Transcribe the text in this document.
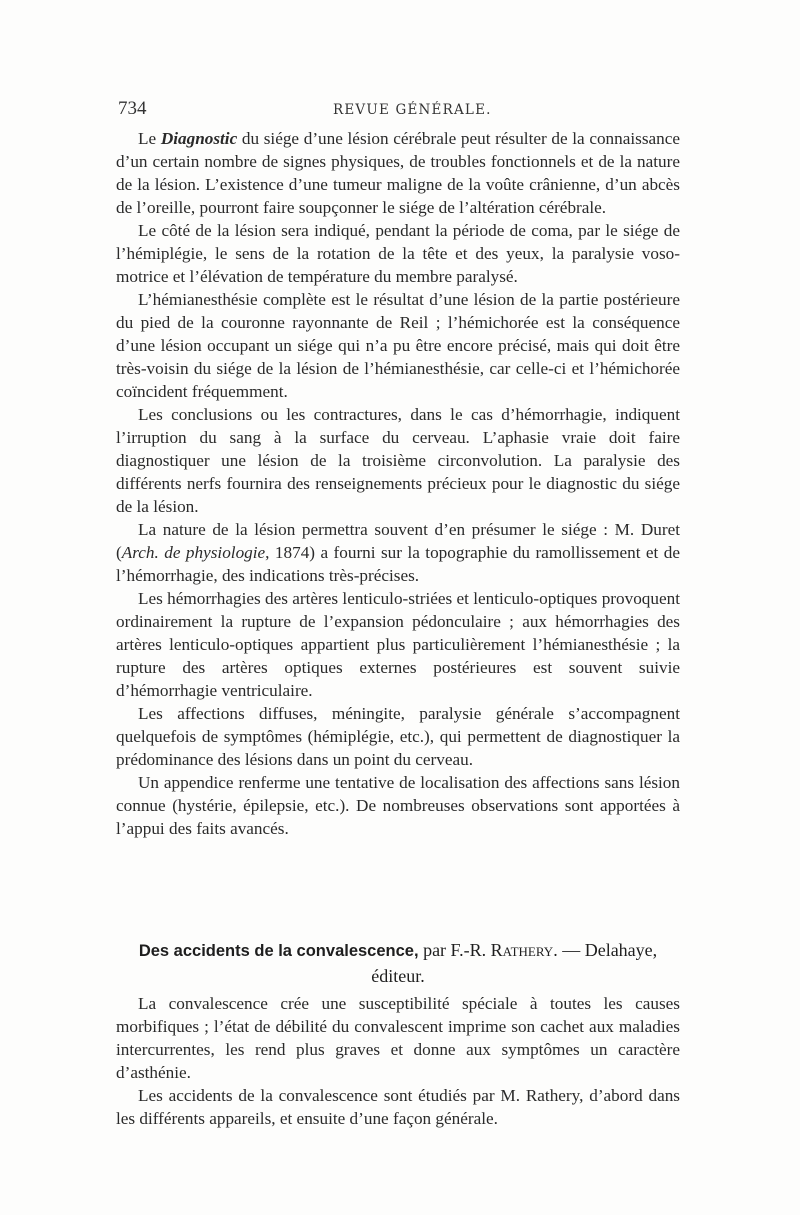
734	REVUE GÉNÉRALE.

Le Diagnostic du siége d’une lésion cérébrale peut résulter de la connaissance d’un certain nombre de signes physiques, de troubles fonctionnels et de la nature de la lésion. L’existence d’une tumeur maligne de la voûte crânienne, d’un abcès de l’oreille, pourront faire soupçonner le siége de l’altération cérébrale.

Le côté de la lésion sera indiqué, pendant la période de coma, par le siége de l’hémiplégie, le sens de la rotation de la tête et des yeux, la paralysie voso-motrice et l’élévation de température du membre paralysé.

L’hémianesthésie complète est le résultat d’une lésion de la partie postérieure du pied de la couronne rayonnante de Reil ; l’hémichorée est la conséquence d’une lésion occupant un siége qui n’a pu être encore précisé, mais qui doit être très-voisin du siége de la lésion de l’hémianesthésie, car celle-ci et l’hémichorée coïncident fréquemment.

Les conclusions ou les contractures, dans le cas d’hémorrhagie, indiquent l’irruption du sang à la surface du cerveau. L’aphasie vraie doit faire diagnostiquer une lésion de la troisième circonvolution. La paralysie des différents nerfs fournira des renseignements précieux pour le diagnostic du siége de la lésion.

La nature de la lésion permettra souvent d’en présumer le siége : M. Duret (Arch. de physiologie, 1874) a fourni sur la topographie du ramollissement et de l’hémorrhagie, des indications très-précises.

Les hémorrhagies des artères lenticulo-striées et lenticulo-optiques provoquent ordinairement la rupture de l’expansion pédonculaire ; aux hémorrhagies des artères lenticulo-optiques appartient plus particulièrement l’hémianesthésie ; la rupture des artères optiques externes postérieures est souvent suivie d’hémorrhagie ventriculaire.

Les affections diffuses, méningite, paralysie générale s’accompagnent quelquefois de symptômes (hémiplégie, etc.), qui permettent de diagnostiquer la prédominance des lésions dans un point du cerveau.

Un appendice renferme une tentative de localisation des affections sans lésion connue (hystérie, épilepsie, etc.). De nombreuses observations sont apportées à l’appui des faits avancés.

Des accidents de la convalescence, par F.-R. Rathery. — Delahaye, éditeur.

La convalescence crée une susceptibilité spéciale à toutes les causes morbifiques ; l’état de débilité du convalescent imprime son cachet aux maladies intercurrentes, les rend plus graves et donne aux symptômes un caractère d’asthénie.

Les accidents de la convalescence sont étudiés par M. Rathery, d’abord dans les différents appareils, et ensuite d’une façon générale.
